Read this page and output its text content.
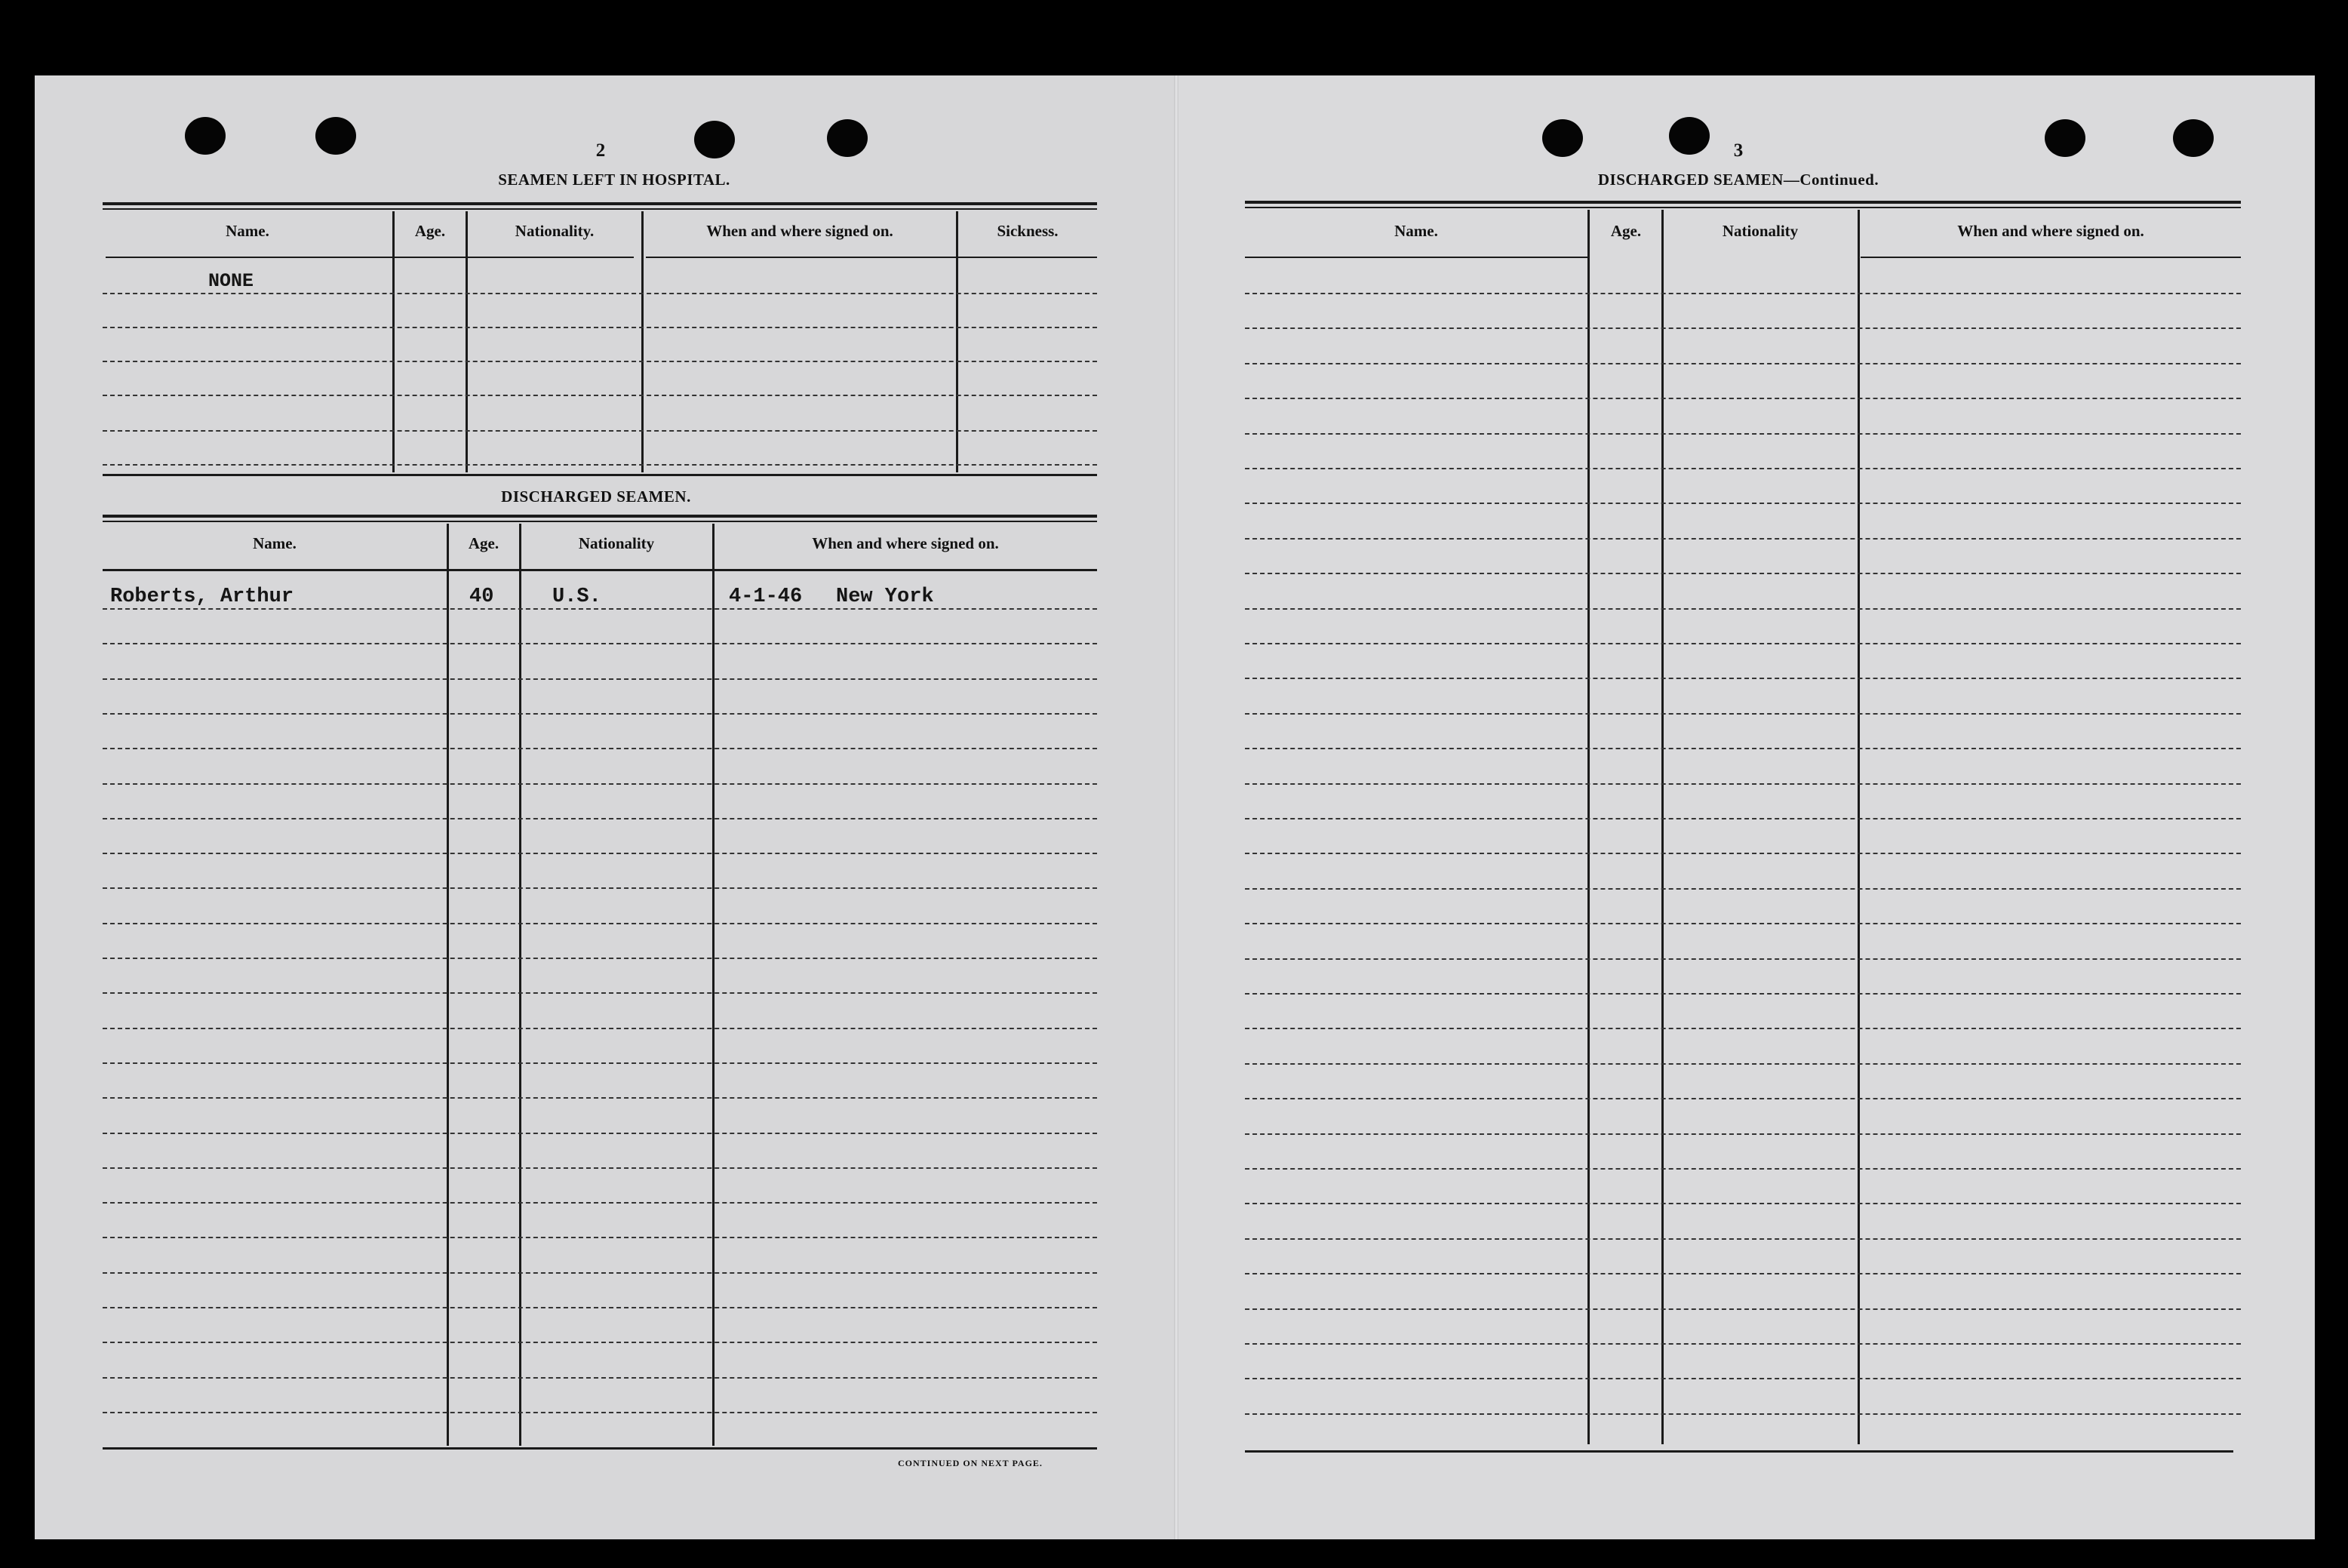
2
SEAMEN LEFT IN HOSPITAL.
Name.	Age.	Nationality.	When and where signed on.	Sickness.
NONE
DISCHARGED SEAMEN.
Name.	Age.	Nationality	When and where signed on.
Roberts, Arthur	40	U.S.	4-1-46 New York
CONTINUED ON NEXT PAGE.
3
DISCHARGED SEAMEN—Continued.
Name.	Age.	Nationality	When and where signed on.
